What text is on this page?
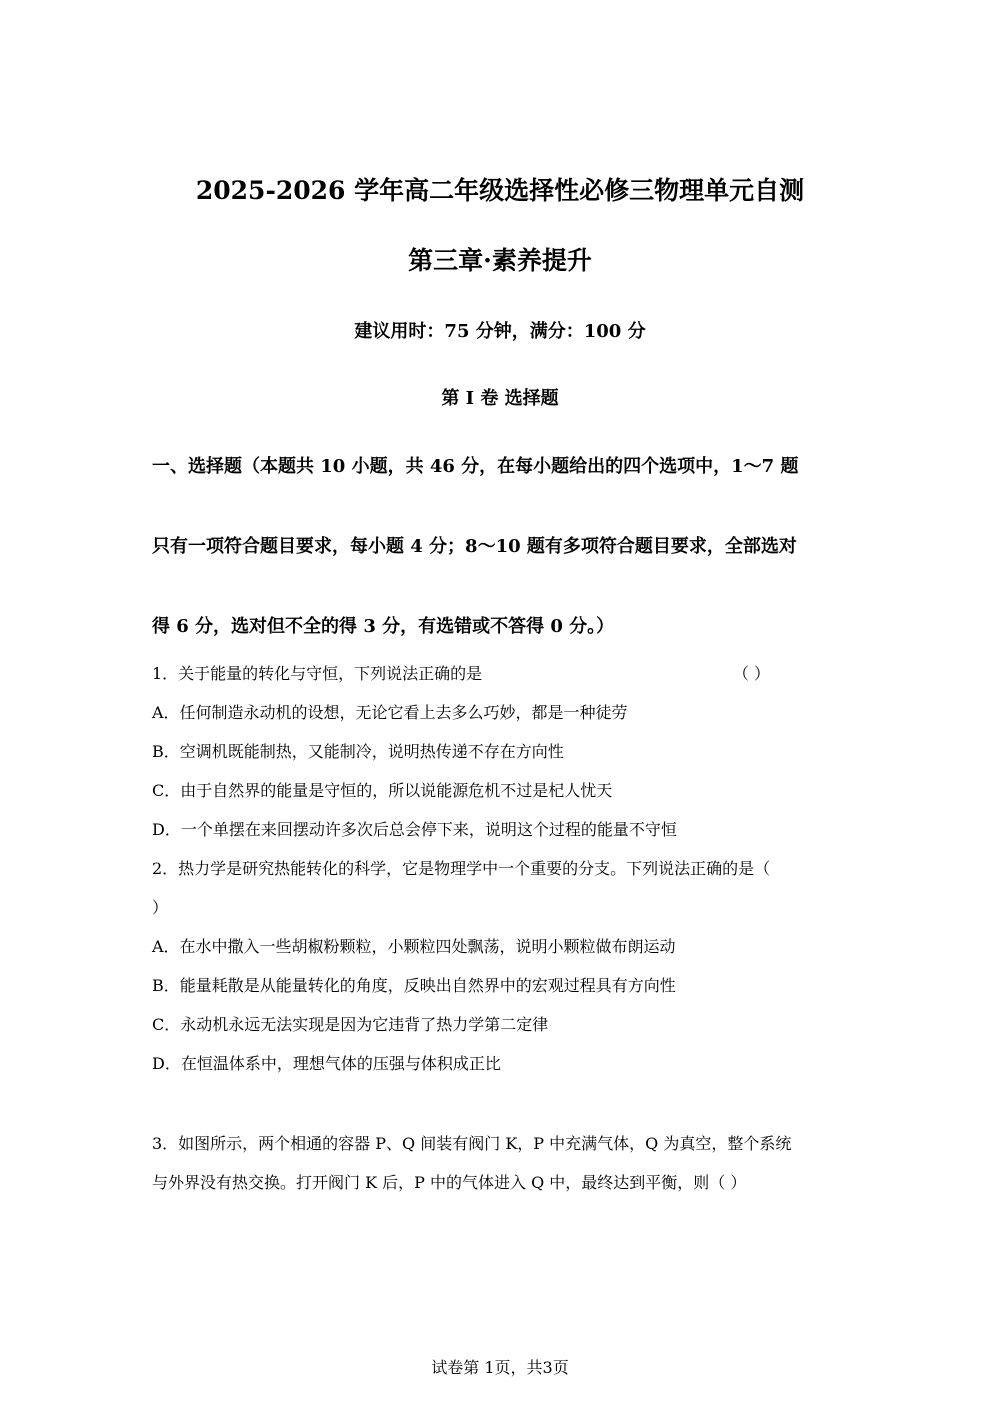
2025-2026 学年高二年级选择性必修三物理单元自测
第三章·素养提升
建议用时：75 分钟，满分：100 分
第 Ⅰ 卷 选择题
一、选择题（本题共 10 小题，共 46 分，在每小题给出的四个选项中，1～7 题
只有一项符合题目要求，每小题 4 分；8～10 题有多项符合题目要求，全部选对
得 6 分，选对但不全的得 3 分，有选错或不答得 0 分。）
1．关于能量的转化与守恒，下列说法正确的是	（ ）
A．任何制造永动机的设想，无论它看上去多么巧妙，都是一种徒劳
B．空调机既能制热，又能制冷，说明热传递不存在方向性
C．由于自然界的能量是守恒的，所以说能源危机不过是杞人忧天
D．一个单摆在来回摆动许多次后总会停下来，说明这个过程的能量不守恒
2．热力学是研究热能转化的科学，它是物理学中一个重要的分支。下列说法正确的是（
）
A．在水中撒入一些胡椒粉颗粒，小颗粒四处飘荡，说明小颗粒做布朗运动
B．能量耗散是从能量转化的角度，反映出自然界中的宏观过程具有方向性
C．永动机永远无法实现是因为它违背了热力学第二定律
D．在恒温体系中，理想气体的压强与体积成正比
3．如图所示，两个相通的容器 P、Q 间装有阀门 K，P 中充满气体，Q 为真空，整个系统
与外界没有热交换。打开阀门 K 后，P 中的气体进入 Q 中，最终达到平衡，则（ ）
试卷第 1页，共3页
